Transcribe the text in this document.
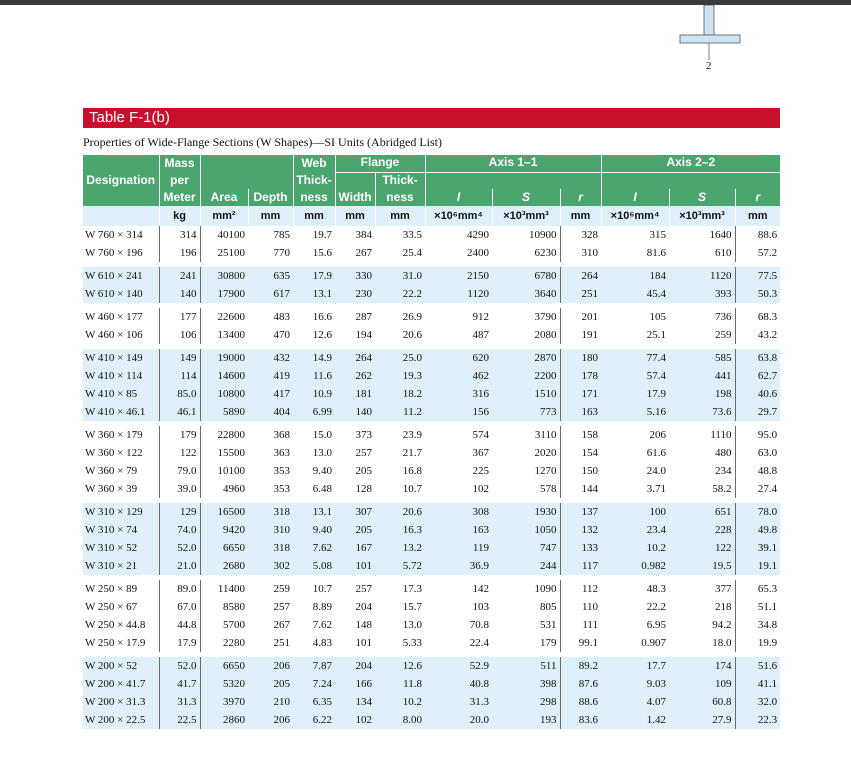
2
Table F-1(b)
Properties of Wide-Flange Sections (W Shapes)—SI Units (Abridged List)
Designation	Mass			Web	Flange		Axis 1–1			Axis 2–2		
	per			Thick-		Thick-						
	Meter	Area	Depth	ness	Width	ness	I	S	r	I	S	r
	kg	mm²	mm	mm	mm	mm	×10⁶mm⁴	×10³mm³	mm	×10⁶mm⁴	×10³mm³	mm
W 760 × 314	314	40100	785	19.7	384	33.5	4290	10900	328	315	1640	88.6
W 760 × 196	196	25100	770	15.6	267	25.4	2400	6230	310	81.6	610	57.2

W 610 × 241	241	30800	635	17.9	330	31.0	2150	6780	264	184	1120	77.5
W 610 × 140	140	17900	617	13.1	230	22.2	1120	3640	251	45.4	393	50.3

W 460 × 177	177	22600	483	16.6	287	26.9	912	3790	201	105	736	68.3
W 460 × 106	106	13400	470	12.6	194	20.6	487	2080	191	25.1	259	43.2

W 410 × 149	149	19000	432	14.9	264	25.0	620	2870	180	77.4	585	63.8
W 410 × 114	114	14600	419	11.6	262	19.3	462	2200	178	57.4	441	62.7
W 410 × 85	85.0	10800	417	10.9	181	18.2	316	1510	171	17.9	198	40.6
W 410 × 46.1	46.1	5890	404	6.99	140	11.2	156	773	163	5.16	73.6	29.7

W 360 × 179	179	22800	368	15.0	373	23.9	574	3110	158	206	1110	95.0
W 360 × 122	122	15500	363	13.0	257	21.7	367	2020	154	61.6	480	63.0
W 360 × 79	79.0	10100	353	9.40	205	16.8	225	1270	150	24.0	234	48.8
W 360 × 39	39.0	4960	353	6.48	128	10.7	102	578	144	3.71	58.2	27.4

W 310 × 129	129	16500	318	13.1	307	20.6	308	1930	137	100	651	78.0
W 310 × 74	74.0	9420	310	9.40	205	16.3	163	1050	132	23.4	228	49.8
W 310 × 52	52.0	6650	318	7.62	167	13.2	119	747	133	10.2	122	39.1
W 310 × 21	21.0	2680	302	5.08	101	5.72	36.9	244	117	0.982	19.5	19.1

W 250 × 89	89.0	11400	259	10.7	257	17.3	142	1090	112	48.3	377	65.3
W 250 × 67	67.0	8580	257	8.89	204	15.7	103	805	110	22.2	218	51.1
W 250 × 44.8	44.8	5700	267	7.62	148	13.0	70.8	531	111	6.95	94.2	34.8
W 250 × 17.9	17.9	2280	251	4.83	101	5.33	22.4	179	99.1	0.907	18.0	19.9

W 200 × 52	52.0	6650	206	7.87	204	12.6	52.9	511	89.2	17.7	174	51.6
W 200 × 41.7	41.7	5320	205	7.24	166	11.8	40.8	398	87.6	9.03	109	41.1
W 200 × 31.3	31.3	3970	210	6.35	134	10.2	31.3	298	88.6	4.07	60.8	32.0
W 200 × 22.5	22.5	2860	206	6.22	102	8.00	20.0	193	83.6	1.42	27.9	22.3
